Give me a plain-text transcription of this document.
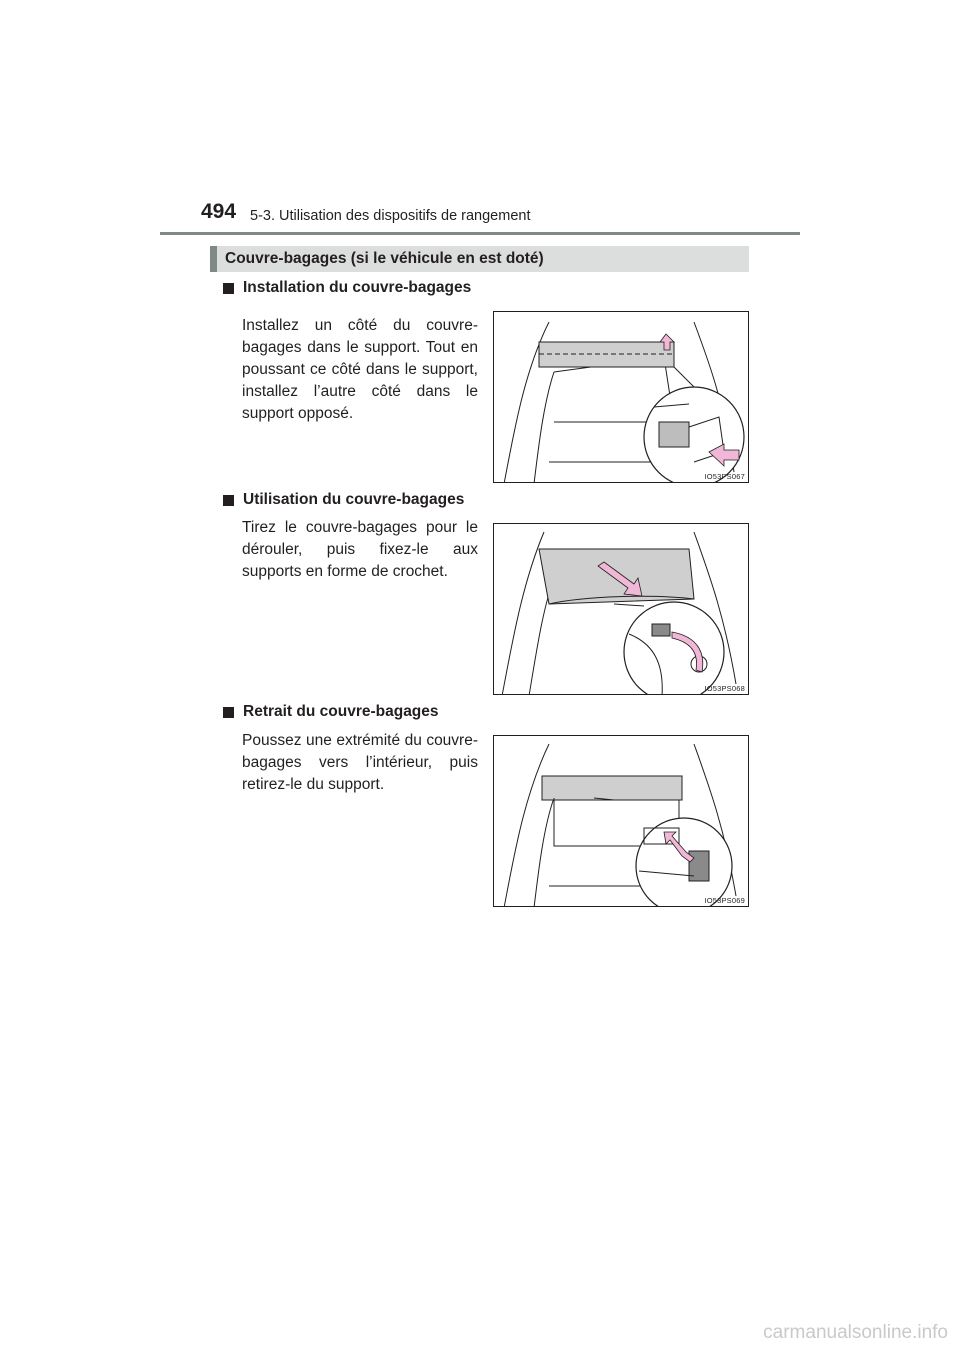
494 5-3. Utilisation des dispositifs de rangement
Couvre-bagages (si le véhicule en est doté)
Installation du couvre-bagages
Installez un côté du couvre-bagages dans le support. Tout en poussant ce côté dans le support, installez l’autre côté dans le support opposé.
IO53PS067
Utilisation du couvre-bagages
Tirez le couvre-bagages pour le dérouler, puis fixez-le aux supports en forme de crochet.
IO53PS068
Retrait du couvre-bagages
Poussez une extrémité du couvre-bagages vers l’intérieur, puis retirez-le du support.
IO53PS069
carmanualsonline.info
